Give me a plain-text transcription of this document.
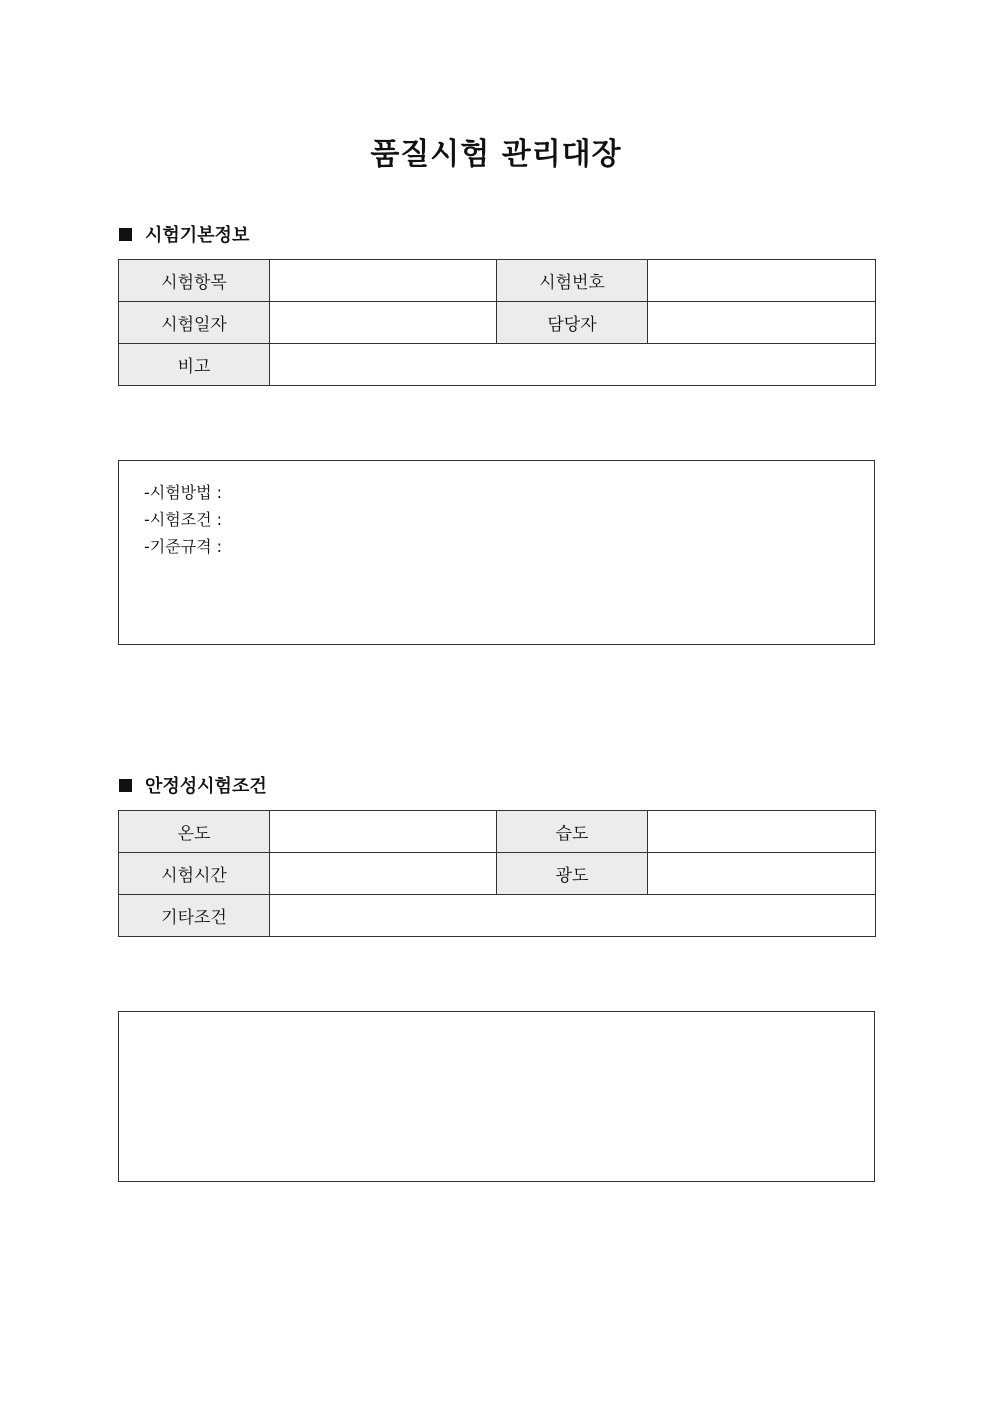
품질시험 관리대장
시험기본정보
시험항목		시험번호	
시험일자		담당자	
비고			
-시험방법 :
-시험조건 :
-기준규격 :
안정성시험조건
온도		습도	
시험시간		광도	
기타조건			
